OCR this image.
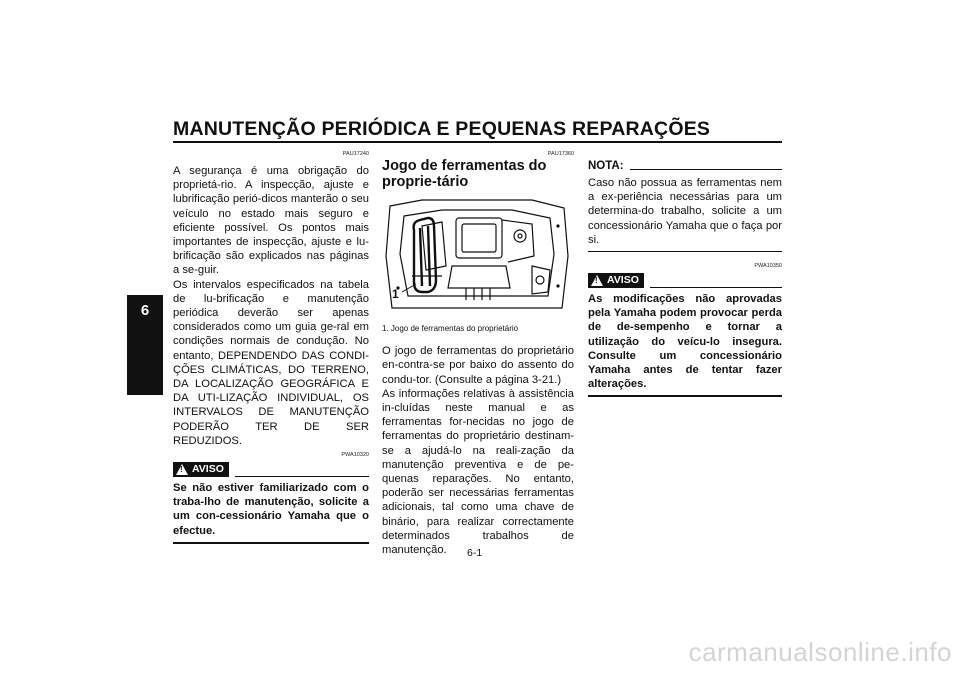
MANUTENÇÃO PERIÓDICA E PEQUENAS REPARAÇÕES
6
PAU17240

A segurança é uma obrigação do proprietá-rio. A inspecção, ajuste e lubrificação perió-dicos manterão o seu veículo no estado mais seguro e eficiente possível. Os pontos mais importantes de inspecção, ajuste e lu-brificação são explicados nas páginas a se-guir.

Os intervalos especificados na tabela de lu-brificação e manutenção periódica deverão ser apenas considerados como um guia ge-ral em condições normais de condução. No entanto, DEPENDENDO DAS CONDI-ÇÕES CLIMÁTICAS, DO TERRENO, DA LOCALIZAÇÃO GEOGRÁFICA E DA UTI-LIZAÇÃO INDIVIDUAL, OS INTERVALOS DE MANUTENÇÃO PODERÃO TER DE SER REDUZIDOS.

PWA10320
!
AVISO

Se não estiver familiarizado com o traba-lho de manutenção, solicite a um con-cessionário Yamaha que o efectue.

PAU17360
Jogo de ferramentas do proprie-tário
1
1. Jogo de ferramentas do proprietário

O jogo de ferramentas do proprietário en-contra-se por baixo do assento do condu-tor. (Consulte a página 3-21.)

As informações relativas à assistência in-cluídas neste manual e as ferramentas for-necidas no jogo de ferramentas do proprietário destinam-se a ajudá-lo na reali-zação da manutenção preventiva e de pe-quenas reparações. No entanto, poderão ser necessárias ferramentas adicionais, tal como uma chave de binário, para realizar correctamente determinados trabalhos de manutenção.

NOTA:

Caso não possua as ferramentas nem a ex-periência necessárias para um determina-do trabalho, solicite a um concessionário Yamaha que o faça por si.

PWA10350
!
AVISO

As modificações não aprovadas pela Yamaha podem provocar perda de de-sempenho e tornar a utilização do veícu-lo insegura. Consulte um concessionário Yamaha antes de tentar fazer alterações.

6-1
carmanualsonline.info
